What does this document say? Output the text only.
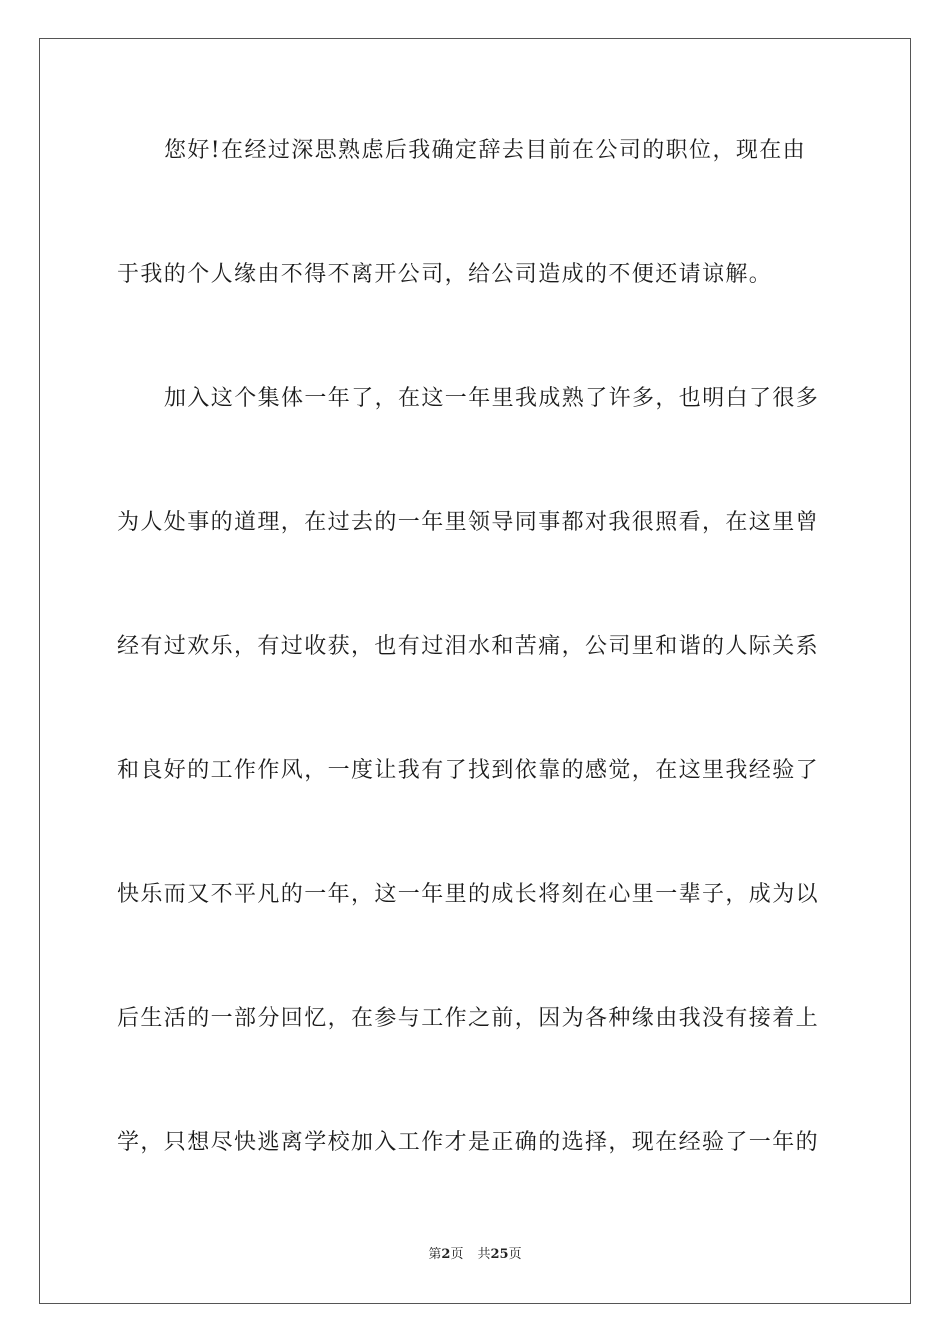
您好!在经过深思熟虑后我确定辞去目前在公司的职位，现在由
于我的个人缘由不得不离开公司，给公司造成的不便还请谅解。
加入这个集体一年了，在这一年里我成熟了许多，也明白了很多
为人处事的道理，在过去的一年里领导同事都对我很照看，在这里曾
经有过欢乐，有过收获，也有过泪水和苦痛，公司里和谐的人际关系
和良好的工作作风，一度让我有了找到依靠的感觉，在这里我经验了
快乐而又不平凡的一年，这一年里的成长将刻在心里一辈子，成为以
后生活的一部分回忆，在参与工作之前，因为各种缘由我没有接着上
学，只想尽快逃离学校加入工作才是正确的选择，现在经验了一年的
第2页 共25页
